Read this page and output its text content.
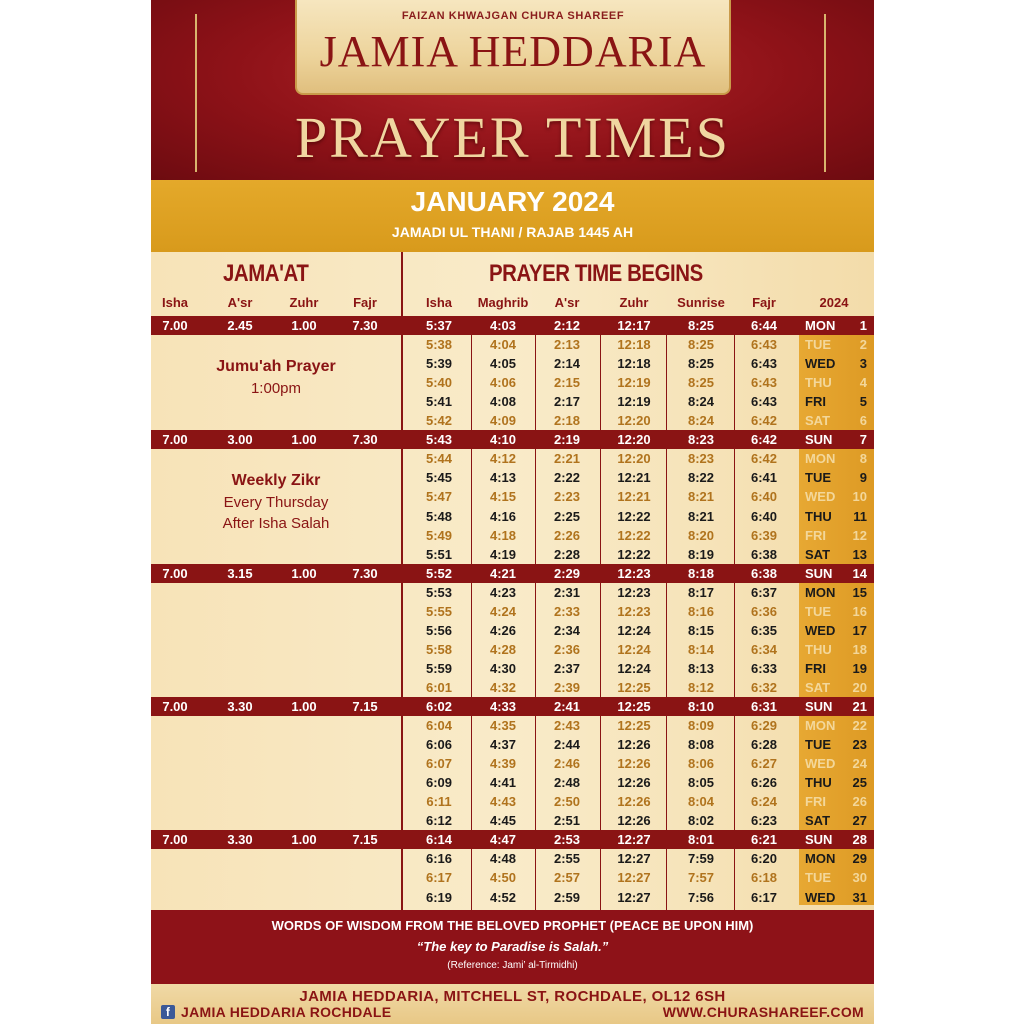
FAIZAN KHWAJGAN CHURA SHAREEF
JAMIA HEDDARIA
PRAYER TIMES
JANUARY 2024
JAMADI UL THANI / RAJAB 1445 AH
JAMA'AT	PRAYER TIME BEGINS
Isha	A'sr	Zuhr	Fajr	Isha	Maghrib	A'sr	Zuhr	Sunrise	Fajr	2024
7.00	2.45	1.00	7.30	5:37	4:03	2:12	12:17	8:25	6:44	MON	1
5:38	4:04	2:13	12:18	8:25	6:43	TUE	2
5:39	4:05	2:14	12:18	8:25	6:43	WED	3
5:40	4:06	2:15	12:19	8:25	6:43	THU	4
5:41	4:08	2:17	12:19	8:24	6:43	FRI	5
5:42	4:09	2:18	12:20	8:24	6:42	SAT	6
7.00	3.00	1.00	7.30	5:43	4:10	2:19	12:20	8:23	6:42	SUN	7
5:44	4:12	2:21	12:20	8:23	6:42	MON	8
5:45	4:13	2:22	12:21	8:22	6:41	TUE	9
5:47	4:15	2:23	12:21	8:21	6:40	WED	10
5:48	4:16	2:25	12:22	8:21	6:40	THU	11
5:49	4:18	2:26	12:22	8:20	6:39	FRI	12
5:51	4:19	2:28	12:22	8:19	6:38	SAT	13
7.00	3.15	1.00	7.30	5:52	4:21	2:29	12:23	8:18	6:38	SUN	14
5:53	4:23	2:31	12:23	8:17	6:37	MON	15
5:55	4:24	2:33	12:23	8:16	6:36	TUE	16
5:56	4:26	2:34	12:24	8:15	6:35	WED	17
5:58	4:28	2:36	12:24	8:14	6:34	THU	18
5:59	4:30	2:37	12:24	8:13	6:33	FRI	19
6:01	4:32	2:39	12:25	8:12	6:32	SAT	20
7.00	3.30	1.00	7.15	6:02	4:33	2:41	12:25	8:10	6:31	SUN	21
6:04	4:35	2:43	12:25	8:09	6:29	MON	22
6:06	4:37	2:44	12:26	8:08	6:28	TUE	23
6:07	4:39	2:46	12:26	8:06	6:27	WED	24
6:09	4:41	2:48	12:26	8:05	6:26	THU	25
6:11	4:43	2:50	12:26	8:04	6:24	FRI	26
6:12	4:45	2:51	12:26	8:02	6:23	SAT	27
7.00	3.30	1.00	7.15	6:14	4:47	2:53	12:27	8:01	6:21	SUN	28
6:16	4:48	2:55	12:27	7:59	6:20	MON	29
6:17	4:50	2:57	12:27	7:57	6:18	TUE	30
6:19	4:52	2:59	12:27	7:56	6:17	WED	31
Jumu'ah Prayer
1:00pm
Weekly Zikr
Every Thursday
After Isha Salah
WORDS OF WISDOM FROM THE BELOVED PROPHET (PEACE BE UPON HIM)
“The key to Paradise is Salah.”
(Reference: Jami’ al-Tirmidhi)
JAMIA HEDDARIA, MITCHELL ST, ROCHDALE, OL12 6SH
f JAMIA HEDDARIA ROCHDALE	WWW.CHURASHAREEF.COM
